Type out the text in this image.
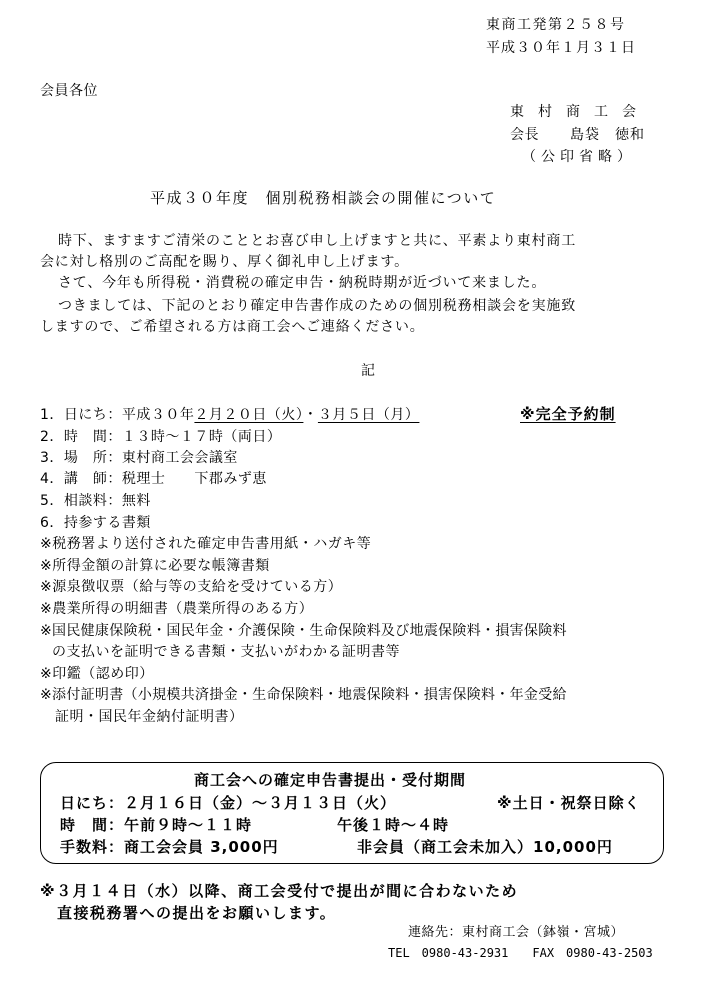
東商工発第２５８号
平成３０年１月３１日
会員各位
東　村　商　工　会
会長 島袋　徳和
（公印省略）
平成３０年度　個別税務相談会の開催について
時下、ますますご清栄のこととお喜び申し上げますと共に、平素より東村商工
会に対し格別のご高配を賜り、厚く御礼申し上げます。
さて、今年も所得税・消費税の確定申告・納税時期が近づいて来ました。
つきましては、下記のとおり確定申告書作成のための個別税務相談会を実施致
しますので、ご希望される方は商工会へご連絡ください。
記
1．日にち：平成３０年２月２０日（火）・３月５日（月）	※完全予約制
2．時　間：１３時～１７時（両日）
3．場　所：東村商工会会議室
4．講　師：税理士　　下郡みず恵
5．相談料：無料
6．持参する書類
※税務署より送付された確定申告書用紙・ハガキ等
※所得金額の計算に必要な帳簿書類
※源泉徴収票（給与等の支給を受けている方）
※農業所得の明細書（農業所得のある方）
※国民健康保険税・国民年金・介護保険・生命保険料及び地震保険料・損害保険料
の支払いを証明できる書類・支払いがわかる証明書等
※印鑑（認め印）
※添付証明書（小規模共済掛金・生命保険料・地震保険料・損害保険料・年金受給
証明・国民年金納付証明書）
商工会への確定申告書提出・受付期間
日にち：２月１６日（金）～３月１３日（火）	※土日・祝祭日除く
時　間：午前９時～１１時	午後１時～４時
手数料：商工会会員 3,000円	非会員（商工会未加入）10,000円
※３月１４日（水）以降、商工会受付で提出が間に合わないため
直接税務署への提出をお願いします。
連絡先：東村商工会（鉢嶺・宮城）
TEL　0980-43-2931　　FAX　0980-43-2503
